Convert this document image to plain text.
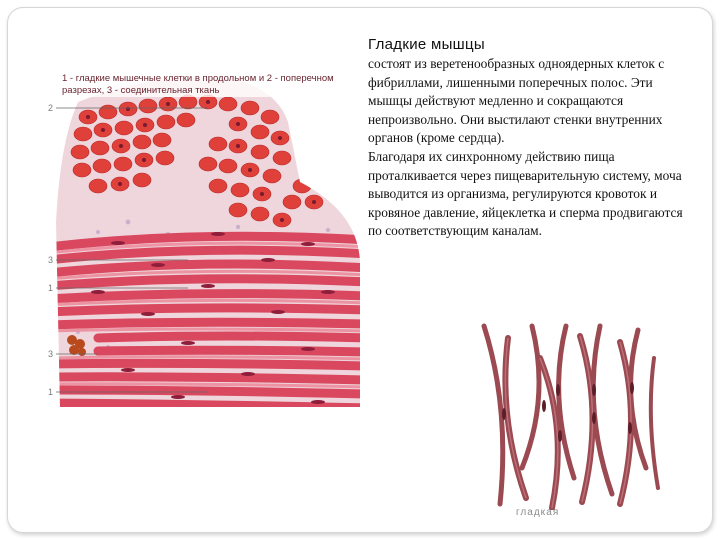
1 - гладкие мышечные клетки в продольном и 2 - поперечном разрезах, 3 - соединительная ткань
2
3
1
3
1
Гладкие мышцы

состоят из веретенообразных одноядерных клеток с фибриллами, лишенными поперечных полос. Эти мышцы действуют медленно и сокращаются непроизвольно. Они выстилают стенки внутренних органов (кроме сердца).

Благодаря их синхронному действию пища проталкивается через пищеварительную систему, моча выводится из организма, регулируются кровоток и кровяное давление, яйцеклетка и сперма продвигаются по соответствующим каналам.

гладкая
